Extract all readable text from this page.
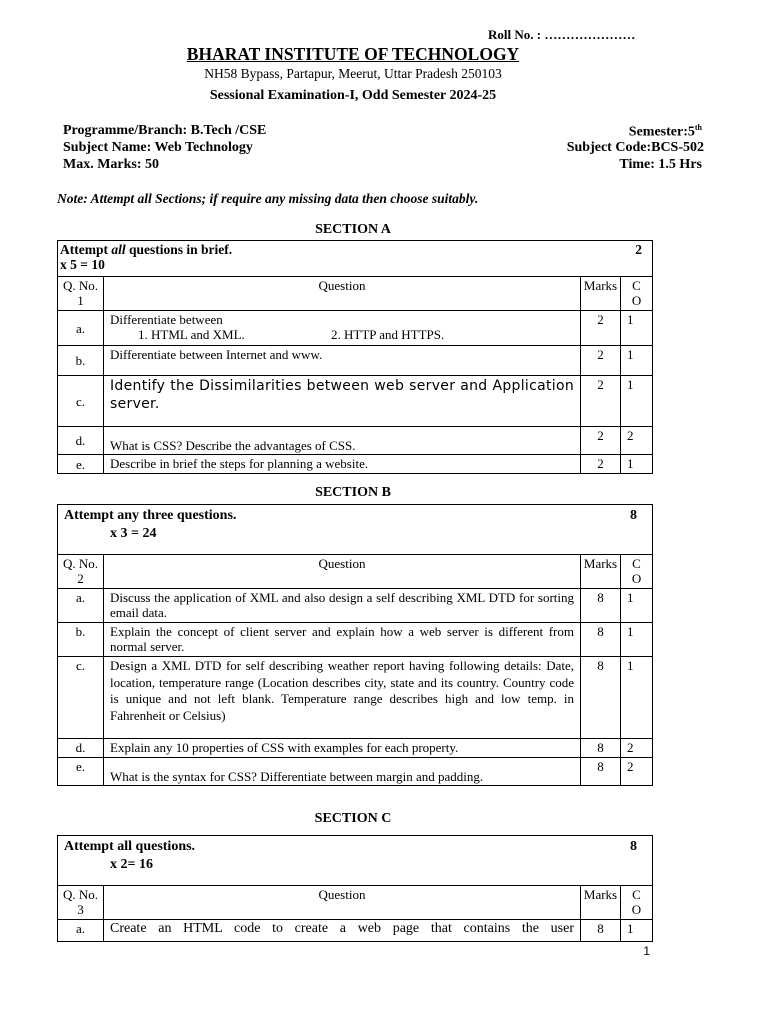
Roll No. : …………………
BHARAT INSTITUTE OF TECHNOLOGY
NH58 Bypass, Partapur, Meerut, Uttar Pradesh 250103
Sessional Examination-I, Odd Semester 2024-25
Programme/Branch: B.Tech /CSE	Semester:5th
Subject Name: Web Technology	Subject Code:BCS-502
Max. Marks: 50	Time: 1.5 Hrs
Note: Attempt all Sections; if require any missing data then choose suitably.
SECTION A
Attempt all questions in brief. 2
x 5 = 10			

Q. No. 1	Question	Marks	C O
a.	Differentiate between
1. HTML and XML. 2. HTTP and HTTPS.	2	1
b.	Differentiate between Internet and www.	2	1
c.	Identify the Dissimilarities between web server and Application server.	2	1
d.	What is CSS? Describe the advantages of CSS.	2	2
e.	Describe in brief the steps for planning a website.	2	1
SECTION B
Attempt any three questions. 8
x 3 = 24			

Q. No. 2	Question	Marks	C O
a.	Discuss the application of XML and also design a self describing XML DTD for sorting email data.	8	1
b.	Explain the concept of client server and explain how a web server is different from normal server.	8	1
c.	Design a XML DTD for self describing weather report having following details: Date, location, temperature range (Location describes city, state and its country. Country code is unique and not left blank. Temperature range describes high and low temp. in Fahrenheit or Celsius)	8	1
d.	Explain any 10 properties of CSS with examples for each property.	8	2
e.	What is the syntax for CSS? Differentiate between margin and padding.	8	2
SECTION C
Attempt all questions. 8
x 2= 16			

Q. No. 3	Question	Marks	C O
a.	Create an HTML code to create a web page that contains the user	8	1
1
